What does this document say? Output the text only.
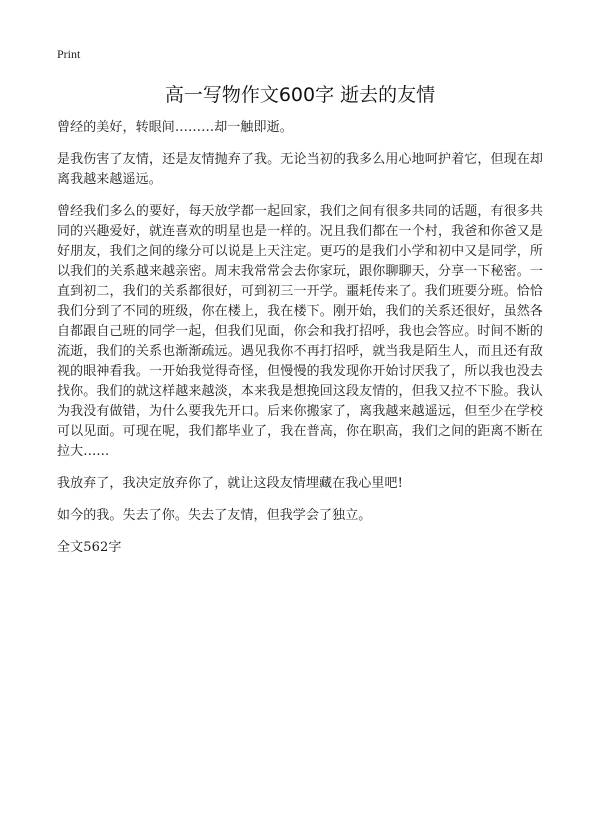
Print
高一写物作文600字 逝去的友情

曾经的美好，转眼间………却一触即逝。

是我伤害了友情，还是友情抛弃了我。无论当初的我多么用心地呵护着它，但现在却离我越来越遥远。

曾经我们多么的要好，每天放学都一起回家，我们之间有很多共同的话题，有很多共同的兴趣爱好，就连喜欢的明星也是一样的。况且我们都在一个村，我爸和你爸又是好朋友，我们之间的缘分可以说是上天注定。更巧的是我们小学和初中又是同学，所以我们的关系越来越亲密。周末我常常会去你家玩，跟你聊聊天，分享一下秘密。一直到初二，我们的关系都很好，可到初三一开学。噩耗传来了。我们班要分班。恰恰我们分到了不同的班级，你在楼上，我在楼下。刚开始，我们的关系还很好，虽然各自都跟自己班的同学一起，但我们见面，你会和我打招呼，我也会答应。时间不断的流逝，我们的关系也渐渐疏远。遇见我你不再打招呼，就当我是陌生人，而且还有敌视的眼神看我。一开始我觉得奇怪，但慢慢的我发现你开始讨厌我了，所以我也没去找你。我们的就这样越来越淡，本来我是想挽回这段友情的，但我又拉不下脸。我认为我没有做错，为什么要我先开口。后来你搬家了，离我越来越遥远，但至少在学校可以见面。可现在呢，我们都毕业了，我在普高，你在职高，我们之间的距离不断在拉大……

我放弃了，我决定放弃你了，就让这段友情埋藏在我心里吧!

如今的我。失去了你。失去了友情，但我学会了独立。

全文562字
